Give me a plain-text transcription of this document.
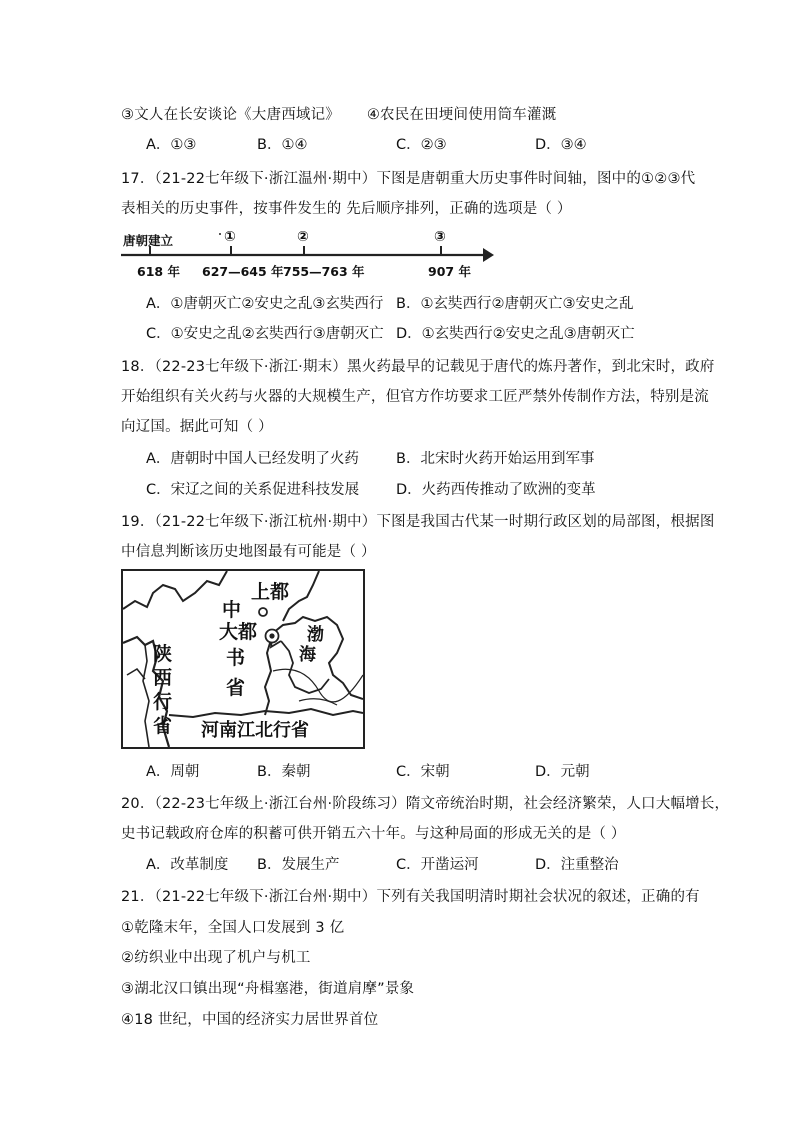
③文人在长安谈论《大唐西域记》 ④农民在田埂间使用筒车灌溉
A．①③	B．①④	C．②③	D．③④
17．（21-22七年级下·浙江温州·期中）下图是唐朝重大历史事件时间轴，图中的①②③代
表相关的历史事件，按事件发生的 先后顺序排列，正确的选项是（ ）
唐朝建立	①	②	③
618 年 627—645 年 755—763 年	907 年
A．①唐朝灭亡②安史之乱③玄奘西行 B．①玄奘西行②唐朝灭亡③安史之乱
C．①安史之乱②玄奘西行③唐朝灭亡 D．①玄奘西行②安史之乱③唐朝灭亡
18．（22-23七年级下·浙江·期末）黑火药最早的记载见于唐代的炼丹著作，到北宋时，政府
开始组织有关火药与火器的大规模生产，但官方作坊要求工匠严禁外传制作方法，特别是流
向辽国。据此可知（ ）
A．唐朝时中国人已经发明了火药	B．北宋时火药开始运用到军事
C．宋辽之间的关系促进科技发展	D．火药西传推动了欧洲的变革
19．（21-22七年级下·浙江杭州·期中）下图是我国古代某一时期行政区划的局部图，根据图
中信息判断该历史地图最有可能是（ ）
上都
中
大都
书
省
渤
海
陕
西
行
省 河南江北行省
A．周朝	B．秦朝	C．宋朝	D．元朝
20．（22-23七年级上·浙江台州·阶段练习）隋文帝统治时期，社会经济繁荣，人口大幅增长，
史书记载政府仓库的积蓄可供开销五六十年。与这种局面的形成无关的是（ ）
A．改革制度 B．发展生产	C．开凿运河	D．注重整治
21．（21-22七年级下·浙江台州·期中）下列有关我国明清时期社会状况的叙述，正确的有
①乾隆末年，全国人口发展到 3 亿
②纺织业中出现了机户与机工
③湖北汉口镇出现“舟楫塞港，街道肩摩”景象
④18 世纪，中国的经济实力居世界首位
